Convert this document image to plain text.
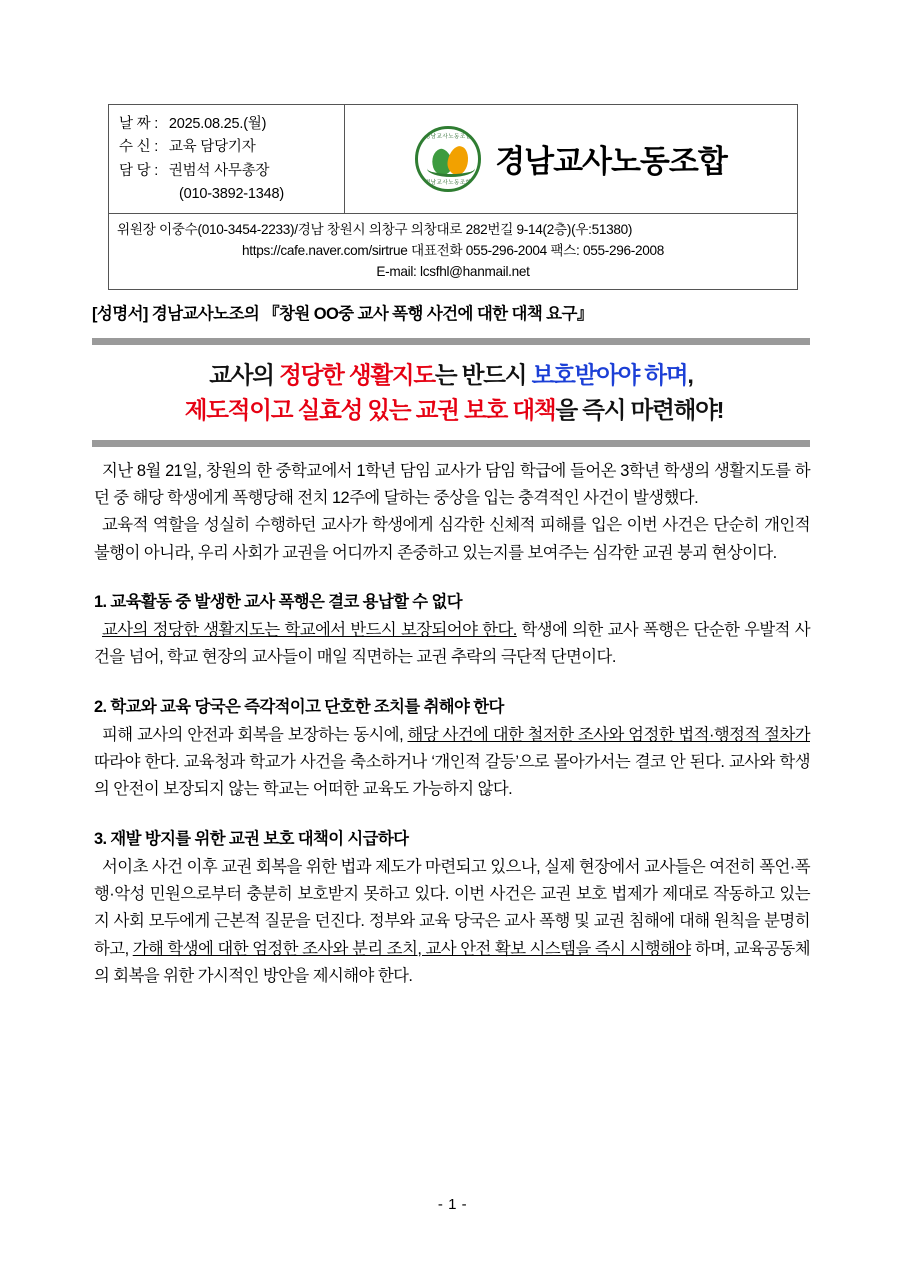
날 짜 : 2025.08.25.(월)
수 신 : 교육 담당기자
담 당 : 권범석 사무총장
(010-3892-1348)
경남교사노동조합
경남교사노동조합
경남교사노동조합
위원장 이중수(010-3454-2233)/경남 창원시 의창구 의창대로 282번길 9-14(2층)(우:51380)
https://cafe.naver.com/sirtrue 대표전화 055-296-2004 팩스: 055-296-2008
E-mail: lcsfhl@hanmail.net
[성명서] 경남교사노조의 『창원 OO중 교사 폭행 사건에 대한 대책 요구』
교사의 정당한 생활지도는 반드시 보호받아야 하며,
제도적이고 실효성 있는 교권 보호 대책을 즉시 마련해야!

지난 8월 21일, 창원의 한 중학교에서 1학년 담임 교사가 담임 학급에 들어온 3학년 학생의 생활지도를 하던 중 해당 학생에게 폭행당해 전치 12주에 달하는 중상을 입는 충격적인 사건이 발생했다.

교육적 역할을 성실히 수행하던 교사가 학생에게 심각한 신체적 피해를 입은 이번 사건은 단순히 개인적 불행이 아니라, 우리 사회가 교권을 어디까지 존중하고 있는지를 보여주는 심각한 교권 붕괴 현상이다.

1. 교육활동 중 발생한 교사 폭행은 결코 용납할 수 없다

교사의 정당한 생활지도는 학교에서 반드시 보장되어야 한다. 학생에 의한 교사 폭행은 단순한 우발적 사건을 넘어, 학교 현장의 교사들이 매일 직면하는 교권 추락의 극단적 단면이다.

2. 학교와 교육 당국은 즉각적이고 단호한 조치를 취해야 한다

피해 교사의 안전과 회복을 보장하는 동시에, 해당 사건에 대한 철저한 조사와 엄정한 법적·행정적 절차가 따라야 한다. 교육청과 학교가 사건을 축소하거나 ‘개인적 갈등’으로 몰아가서는 결코 안 된다. 교사와 학생의 안전이 보장되지 않는 학교는 어떠한 교육도 가능하지 않다.

3. 재발 방지를 위한 교권 보호 대책이 시급하다

서이초 사건 이후 교권 회복을 위한 법과 제도가 마련되고 있으나, 실제 현장에서 교사들은 여전히 폭언·폭행·악성 민원으로부터 충분히 보호받지 못하고 있다. 이번 사건은 교권 보호 법제가 제대로 작동하고 있는지 사회 모두에게 근본적 질문을 던진다. 정부와 교육 당국은 교사 폭행 및 교권 침해에 대해 원칙을 분명히 하고, 가해 학생에 대한 엄정한 조사와 분리 조치, 교사 안전 확보 시스템을 즉시 시행해야 하며, 교육공동체의 회복을 위한 가시적인 방안을 제시해야 한다.

- 1 -
